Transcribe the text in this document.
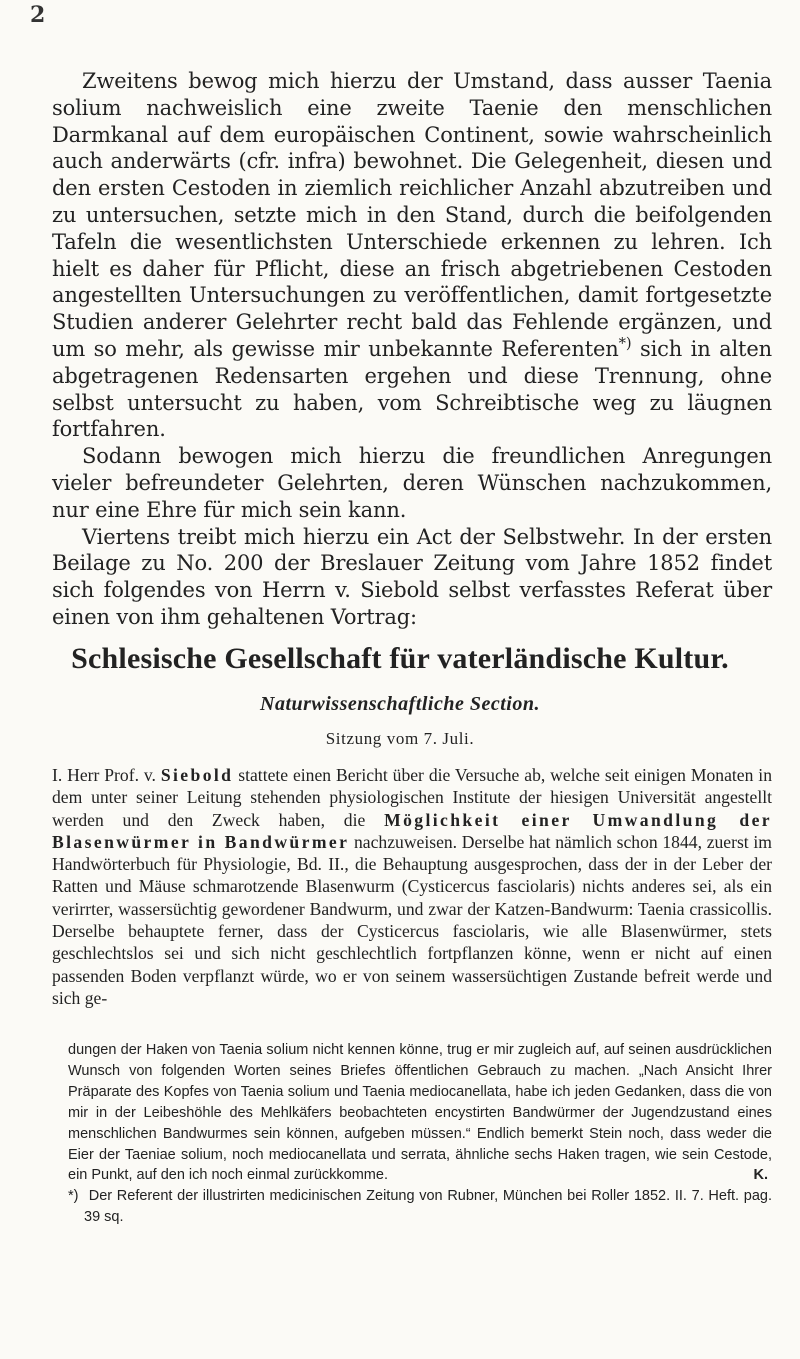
2

Zweitens bewog mich hierzu der Umstand, dass ausser Taenia solium nachweislich eine zweite Taenie den menschlichen Darmkanal auf dem europäischen Continent, sowie wahrscheinlich auch anderwärts (cfr. infra) bewohnet. Die Gelegenheit, diesen und den ersten Cestoden in ziemlich reichlicher Anzahl abzutreiben und zu untersuchen, setzte mich in den Stand, durch die beifolgenden Tafeln die wesentlichsten Unterschiede erkennen zu lehren. Ich hielt es daher für Pflicht, diese an frisch abgetriebenen Cestoden angestellten Untersuchungen zu veröffentlichen, damit fortgesetzte Studien anderer Gelehrter recht bald das Fehlende ergänzen, und um so mehr, als gewisse mir unbekannte Referenten*) sich in alten abgetragenen Redensarten ergehen und diese Trennung, ohne selbst untersucht zu haben, vom Schreibtische weg zu läugnen fortfahren.

Sodann bewogen mich hierzu die freundlichen Anregungen vieler befreundeter Gelehrten, deren Wünschen nachzukommen, nur eine Ehre für mich sein kann.

Viertens treibt mich hierzu ein Act der Selbstwehr. In der ersten Beilage zu No. 200 der Breslauer Zeitung vom Jahre 1852 findet sich folgendes von Herrn v. Siebold selbst verfasstes Referat über einen von ihm gehaltenen Vortrag:

Schlesische Gesellschaft für vaterländische Kultur.
Naturwissenschaftliche Section.
Sitzung vom 7. Juli.

I. Herr Prof. v. Siebold stattete einen Bericht über die Versuche ab, welche seit einigen Monaten in dem unter seiner Leitung stehenden physiologischen Institute der hiesigen Universität angestellt werden und den Zweck haben, die Möglichkeit einer Umwandlung der Blasenwürmer in Bandwürmer nachzuweisen. Derselbe hat nämlich schon 1844, zuerst im Handwörterbuch für Physiologie, Bd. II., die Behauptung ausgesprochen, dass der in der Leber der Ratten und Mäuse schmarotzende Blasenwurm (Cysticercus fasciolaris) nichts anderes sei, als ein verirrter, wassersüchtig gewordener Bandwurm, und zwar der Katzen-Bandwurm: Taenia crassicollis. Derselbe behauptete ferner, dass der Cysticercus fasciolaris, wie alle Blasenwürmer, stets geschlechtslos sei und sich nicht geschlechtlich fortpflanzen könne, wenn er nicht auf einen passenden Boden verpflanzt würde, wo er von seinem wassersüchtigen Zustande befreit werde und sich ge-

dungen der Haken von Taenia solium nicht kennen könne, trug er mir zugleich auf, auf seinen ausdrücklichen Wunsch von folgenden Worten seines Briefes öffentlichen Gebrauch zu machen. „Nach Ansicht Ihrer Präparate des Kopfes von Taenia solium und Taenia mediocanellata, habe ich jeden Gedanken, dass die von mir in der Leibeshöhle des Mehlkäfers beobachteten encystirten Bandwürmer der Jugendzustand eines menschlichen Bandwurmes sein können, aufgeben müssen.“ Endlich bemerkt Stein noch, dass weder die Eier der Taeniae solium, noch mediocanellata und serrata, ähnliche sechs Haken tragen, wie sein Cestode, ein Punkt, auf den ich noch einmal zurückkomme.	K.

*) Der Referent der illustrirten medicinischen Zeitung von Rubner, München bei Roller 1852. II. 7. Heft. pag. 39 sq.
